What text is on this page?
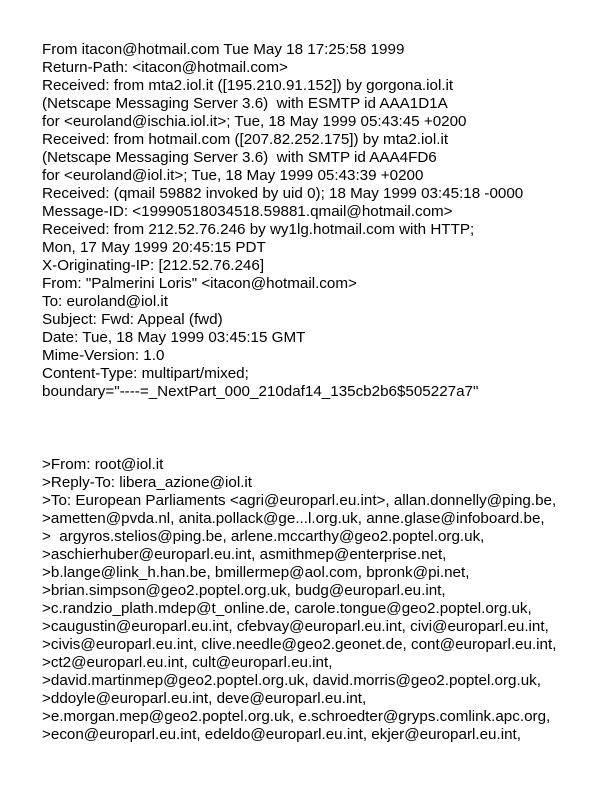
From itacon@hotmail.com Tue May 18 17:25:58 1999
Return-Path: <itacon@hotmail.com>
Received: from mta2.iol.it ([195.210.91.152]) by gorgona.iol.it
(Netscape Messaging Server 3.6)  with ESMTP id AAA1D1A
for <euroland@ischia.iol.it>; Tue, 18 May 1999 05:43:45 +0200
Received: from hotmail.com ([207.82.252.175]) by mta2.iol.it
(Netscape Messaging Server 3.6)  with SMTP id AAA4FD6
for <euroland@iol.it>; Tue, 18 May 1999 05:43:39 +0200
Received: (qmail 59882 invoked by uid 0); 18 May 1999 03:45:18 -0000
Message-ID: <19990518034518.59881.qmail@hotmail.com>
Received: from 212.52.76.246 by wy1lg.hotmail.com with HTTP;
Mon, 17 May 1999 20:45:15 PDT
X-Originating-IP: [212.52.76.246]
From: "Palmerini Loris" <itacon@hotmail.com>
To: euroland@iol.it
Subject: Fwd: Appeal (fwd)
Date: Tue, 18 May 1999 03:45:15 GMT
Mime-Version: 1.0
Content-Type: multipart/mixed;
boundary="----=_NextPart_000_210daf14_135cb2b6$505227a7"
>From: root@iol.it
>Reply-To: libera_azione@iol.it
>To: European Parliaments <agri@europarl.eu.int>, allan.donnelly@ping.be,
>ametten@pvda.nl, anita.pollack@ge...l.org.uk, anne.glase@infoboard.be,
>  argyros.stelios@ping.be, arlene.mccarthy@geo2.poptel.org.uk,
>aschierhuber@europarl.eu.int, asmithmep@enterprise.net,
>b.lange@link_h.han.be, bmillermep@aol.com, bpronk@pi.net,
>brian.simpson@geo2.poptel.org.uk, budg@europarl.eu.int,
>c.randzio_plath.mdep@t_online.de, carole.tongue@geo2.poptel.org.uk,
>caugustin@europarl.eu.int, cfebvay@europarl.eu.int, civi@europarl.eu.int,
>civis@europarl.eu.int, clive.needle@geo2.geonet.de, cont@europarl.eu.int,
>ct2@europarl.eu.int, cult@europarl.eu.int,
>david.martinmep@geo2.poptel.org.uk, david.morris@geo2.poptel.org.uk,
>ddoyle@europarl.eu.int, deve@europarl.eu.int,
>e.morgan.mep@geo2.poptel.org.uk, e.schroedter@gryps.comlink.apc.org,
>econ@europarl.eu.int, edeldo@europarl.eu.int, ekjer@europarl.eu.int,
